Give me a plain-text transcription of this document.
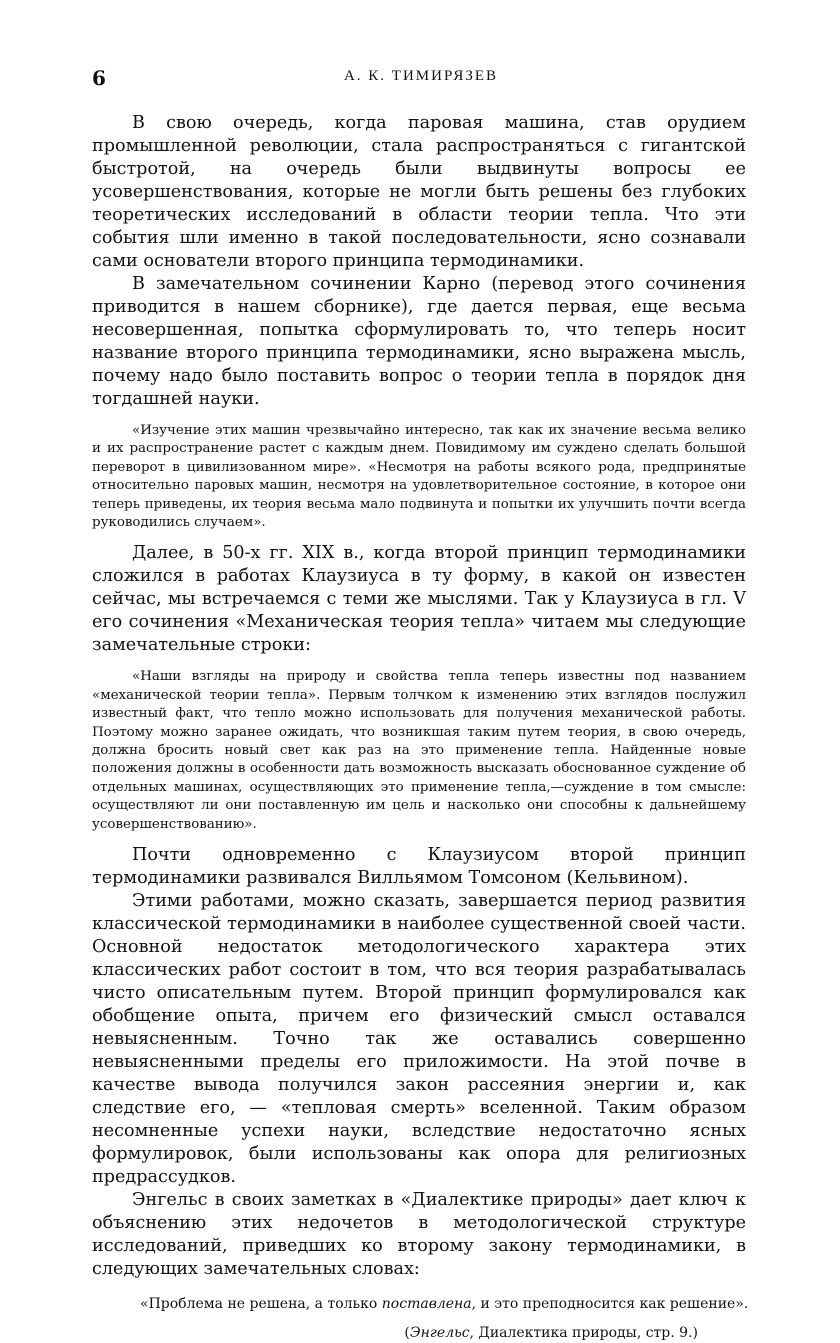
6	А. К. ТИМИРЯЗЕВ

В свою очередь, когда паровая машина, став орудием промышленной революции, стала распространяться с гигантской быстротой, на очередь были выдвинуты вопросы ее усовершенствования, которые не могли быть решены без глубоких теоретических исследований в области теории тепла. Что эти события шли именно в такой последовательности, ясно сознавали сами основатели второго принципа термодинамики.

В замечательном сочинении Карно (перевод этого сочинения приводится в нашем сборнике), где дается первая, еще весьма несовершенная, попытка сформулировать то, что теперь носит название второго принципа термодинамики, ясно выражена мысль, почему надо было поставить вопрос о теории тепла в порядок дня тогдашней науки.

«Изучение этих машин чрезвычайно интересно, так как их значение весьма велико и их распространение растет с каждым днем. Повидимому им суждено сделать большой переворот в цивилизованном мире». «Несмотря на работы всякого рода, предпринятые относительно паровых машин, несмотря на удовлетворительное состояние, в которое они теперь приведены, их теория весьма мало подвинута и попытки их улучшить почти всегда руководились случаем».

Далее, в 50-х гг. XIX в., когда второй принцип термодинамики сложился в работах Клаузиуса в ту форму, в какой он известен сейчас, мы встречаемся с теми же мыслями. Так у Клаузиуса в гл. V его сочинения «Механическая теория тепла» читаем мы следующие замечательные строки:

«Наши взгляды на природу и свойства тепла теперь известны под названием «механической теории тепла». Первым толчком к изменению этих взглядов послужил известный факт, что тепло можно использовать для получения механической работы. Поэтому можно заранее ожидать, что возникшая таким путем теория, в свою очередь, должна бросить новый свет как раз на это применение тепла. Найденные новые положения должны в особенности дать возможность высказать обоснованное суждение об отдельных машинах, осуществляющих это применение тепла,—суждение в том смысле: осуществляют ли они поставленную им цель и насколько они способны к дальнейшему усовершенствованию».

Почти одновременно с Клаузиусом второй принцип термодинамики развивался Вилльямом Томсоном (Кельвином).

Этими работами, можно сказать, завершается период развития классической термодинамики в наиболее существенной своей части. Основной недостаток методологического характера этих классических работ состоит в том, что вся теория разрабатывалась чисто описательным путем. Второй принцип формулировался как обобщение опыта, причем его физический смысл оставался невыясненным. Точно так же оставались совершенно невыясненными пределы его приложимости. На этой почве в качестве вывода получился закон рассеяния энергии и, как следствие его, — «тепловая смерть» вселенной. Таким образом несомненные успехи науки, вследствие недостаточно ясных формулировок, были использованы как опора для религиозных предрассудков.

Энгельс в своих заметках в «Диалектике природы» дает ключ к объяснению этих недочетов в методологической структуре исследований, приведших ко второму закону термодинамики, в следующих замечательных словах:

«Проблема не решена, а только поставлена, и это преподносится как решение».

(Энгельс, Диалектика природы, стр. 9.)
